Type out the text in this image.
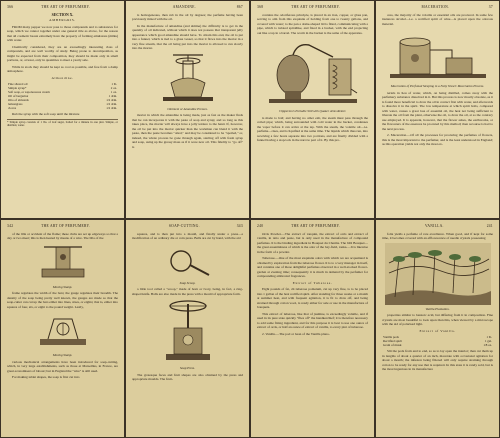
366	THE ART OF PERFUMERY.
SECTION X.
AMBERGRIS.

FROM many pepper we now pass to those compounds and to substances for soap, which we cannot together under one general title as above, for the reason that all cosmetic beaux extremely have the property of forming emulsions (milks) with water.

Chemically considered, they are an exceedingly interesting class of compounds, and are well worthy of study. Being prone to decomposition, as might be expected from their composition, they should be made only in small portions, or, at least, only in quantities to meet a yearly sale.

While in stock they should be kept as cool as possible, and free from a damp atmosphere.

Almondine.
Fine shaved oil	1 lb.
Simple syrup*	2 oz.
Soft soap, or saponaceous cream	1 oz.
Oil of bergamot	1 drm.
Otto of almonds	1/2 drm.
lemongrass	1/2 drm.
cloves	1/2 drm.

Rub the syrup with the soft soap until the mixture

* Simple syrup consists of 1 lbs. of loaf sugar, boiled for a minute in one pint. Simple, or distilled, water.
AMANDINE.	867

is homogeneous, then rub in the oil by degrees; the perfume having been previously mixed with the oil.

In the manufacture of amandine (and almine) the difficulty is to get in the quantity of oil indicated, without which it does not possess that transparent jelly appearance which good amandine should have. To obtain this end, the oil is put into a funnel, which is tied to a glass vessel, so that it flows into the mortar in a very fine stream, that the oil being put into the mortar is allowed to run slowly into the mortar.

Ointment or Amandine Presses.

mortar in which the amandine is being made, just as fast as the maker finds that he can incorporate it with the paste of soap and syrup; and so long as this takes place, the mortar will always have a jelly texture to the hand. If, however, the oil be put into the mortar quicker than the workman can blend it with the paste, then the paste becomes "oiled," and may be considered to be "spoiled," or, indeed, the whole process be gone through again, starting off with fresh syrup and soap, using up the greasy mass as if it were new oil. This fidelity to "go off" is

368	THE ART OF PERFUMERY.

contains the odoriferous principle, is placed in an iron, copper, or glass pan, serving to aim from this exquisite of holding from one to twenty gallons, and covered with water; to the pan a dome-shaped lid is fitted, communicating with a pipe, which is twisted spirallike, and fixed in a bucket, with the end projecting out like a tap in a barrel. The worm in the bucket is the same of the apparatus.

Clipperton's Portable Still with Quaker Arms Retort.

is made to boil; and having no other exit, the steam must pass through the coiled pipe; which, being surrounded with cold water in the bucket, condenses the vapor before it can arrive at the tap. With the steam, the volatile oil—i.e. perfume—rises, and is liquified at the same time. The liquids which thus run, into receiving a few hours separate into two portions, and are finally divided with a funnel having a stopcock in the narrow part of it. By this pro-

MACERATION.	37

cess, the majority of the volatile or essential oils are procured. In some few instances alcohol—i.e. a rectified spirit of wine—is placed upon the odorous material.

Maceration of Perfumed Steeping in a Fatty Vessel: Maceration Process.

terials in lieu of water, which, on being distilled, comes away with the perfumery substance dissolved in it. But this process is now mostly obsolete, as it is found more beneficial to draw the oil in contact first with water, and afterwards to dissolve it in the spirit. The low temperature at which spirit boils, compared with water, causes a great loss of essential oil, the heat not being sufficient to liberate the oil from the plant, otherwise the oil, to draw the oil, at so the contrary use employed. It is apparent, however, that the flower ashes, the earthworks, or the flavourers of the essences be procured by this method; then recourse is had to the next process.

2. Maceration.—Of all the processes for procuring the perfumes of flowers, this is the most important to the perfumer, and is the least understood in England; as this operation yields not only the most ex-

342	THE ART OF PERFUMERY.

of the lilla or accident of the flame; these clubs are set up edgeways so that a day or two meet; this is then heated by means of a wire. The lilla of the

Moving Stamp.

frame regulates the width of the bars; the gauge regulates their breadth. The density of the soap being pretty well known, the gauges are made so that the soap-cutter can cut up the bars either into lines, sixes, or eights; that is, either into squares of four, six, or eight to the pound weight. Lastly,

Moving Stamp.

various mechanical arrangements have been introduced for soap-cutting, which, in very large establishments, such as those at Marseilles, in France, are great economisers of labour; but in England the "wire" is still used.

For making tablet shapes, the soap is first cut into

SOAP-CUTTING.	343

squares, and is then put into a mould, and finally under a press—a modification of an ordinary die or coin press. Balls are cut by hand, with the aid

Soap Scoop.

a little tool called a "scoop," made of horn or ivory, being, in fact, a ring-shaped knife. Balls are also made in the press with a mould of appropriate form.

Soap Press.

The grotesque faces and fruit shapes are also obtained by the press and appropriate moulds. The fruit-

240	THE ART OF PERFUMERY.

Orris Powder.—The extract of tonquin, the extract of orris and extract of vanilla, in tatto and paste, but is only used in the manufacture of compound perfumes. It is the binding ingredient in Bouquet du Charms. The bibl Bouquet—the great essentialness of which is the odor of the bay-field, tonka.—It is likewise in the form of a powder.

Tuberose.—One of the most exquisite odors with which we are acquainted is obtained by exploration from the tuberose flower. It is to a very manager in itself, and contains one of those delightful perfumes observed in a well-stocked flower-garden at evening time; consequently it is much in demand by the perfumer for compounding ambrosial fragrances.

Extract of Tuberose.

Eight pounds of fat, 24 tuberose pomatum, cut up very fine, is to be placed into 1 gallon of the best rectified spirit. After standing for three weeks or a month at summer heat, and with frequent agitation, it is fit to draw off, and being strained through cotton wool, is ready either for sale or use in the manufacture of bouquets.

This extract of tuberose, like that of jasmine, is exceedingly volatile, and if used in its pure state quickly "flies off" the handkerchief; it is therefore necessary to add some fixing ingredient, and for this purpose it is best to use one ounce of extract of orris, or half an ounce of extract of vanilla, to every pint of tuberose.

2. Vanilla.—The pod or bean of the Vanilla plano-

VANILLA.	241

folia yields a perfume of rare excellence. When good, and if kept for some time, it becomes covered with an efflorescence of needle crystals possessing

Vanilla Plantation.

properties similar to benzoic acid, but differing from it in composition. Fine crystals are most beautiful to look upon than this, when viewed by a microscope with the aid of polarised light.

Extract of Vanilla.
Vanilla pods	1 lb.
Rectified spirit	1 gal.
Grain of musk	1/8 oz.

Slit the pods from end to end, so as to lay open the interior; then cut them up in lengths of about a quarter of an inch, macerate with occasional agitation for about a month; the infusion being filtered will only require straining through cotton to be ready for any use that is required. In this state it is rarely sold, but is the most ingenious in its manufacture
